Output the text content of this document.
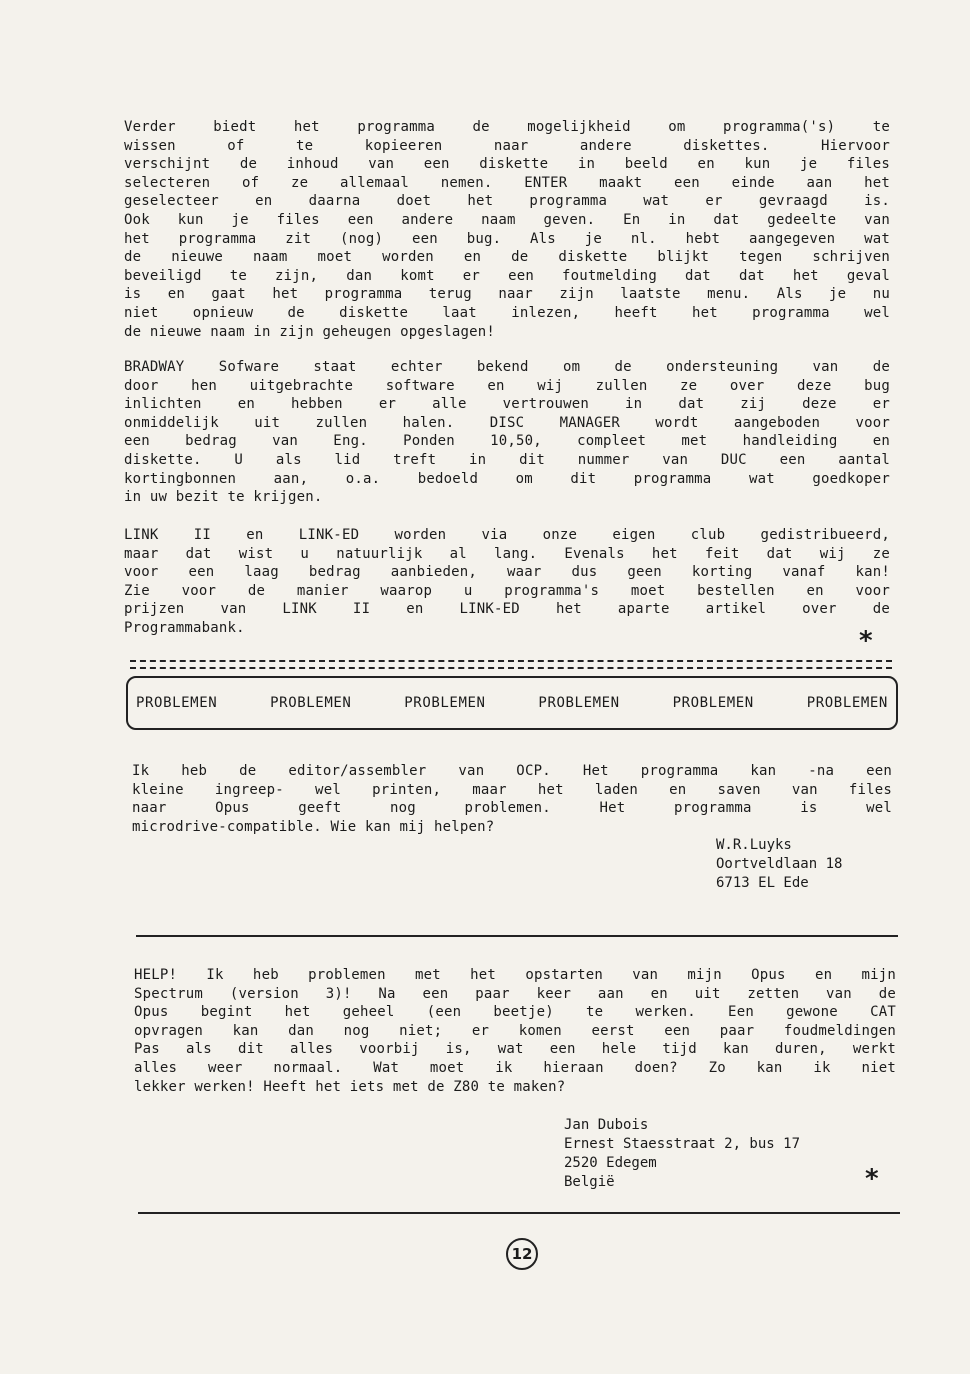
Verder biedt het programma de mogelijkheid om programma('s) te

wissen of te kopieeren naar andere diskettes. Hiervoor

verschijnt de inhoud van een diskette in beeld en kun je files

selecteren of ze allemaal nemen. ENTER maakt een einde aan het

geselecteer en daarna doet het programma wat er gevraagd is.

Ook kun je files een andere naam geven. En in dat gedeelte van

het programma zit (nog) een bug. Als je nl. hebt aangegeven wat

de nieuwe naam moet worden en de diskette blijkt tegen schrijven

beveiligd te zijn, dan komt er een foutmelding dat dat het geval

is en gaat het programma terug naar zijn laatste menu. Als je nu

niet opnieuw de diskette laat inlezen, heeft het programma wel

de nieuwe naam in zijn geheugen opgeslagen!

BRADWAY Sofware staat echter bekend om de ondersteuning van de

door hen uitgebrachte software en wij zullen ze over deze bug

inlichten en hebben er alle vertrouwen in dat zij deze er

onmiddelijk uit zullen halen. DISC MANAGER wordt aangeboden voor

een bedrag van Eng. Ponden 10,50, compleet met handleiding en

diskette. U als lid treft in dit nummer van DUC een aantal

kortingbonnen aan, o.a. bedoeld om dit programma wat goedkoper

in uw bezit te krijgen.

LINK II en LINK-ED worden via onze eigen club gedistribueerd,

maar dat wist u natuurlijk al lang. Evenals het feit dat wij ze

voor een laag bedrag aanbieden, waar dus geen korting vanaf kan!

Zie voor de manier waarop u programma's moet bestellen en voor

prijzen van LINK II en LINK-ED het aparte artikel over de

Programmabank.	*
PROBLEMEN	PROBLEMEN	PROBLEMEN	PROBLEMEN	PROBLEMEN	PROBLEMEN

Ik heb de editor/assembler van OCP. Het programma kan -na een

kleine ingreep- wel printen, maar het laden en saven van files

naar Opus geeft nog problemen. Het programma is wel

microdrive-compatible. Wie kan mij helpen?

W.R.Luyks
Oortveldlaan 18
6713 EL Ede

HELP! Ik heb problemen met het opstarten van mijn Opus en mijn

Spectrum (version 3)! Na een paar keer aan en uit zetten van de

Opus begint het geheel (een beetje) te werken. Een gewone CAT

opvragen kan dan nog niet; er komen eerst een paar foudmeldingen

Pas als dit alles voorbij is, wat een hele tijd kan duren, werkt

alles weer normaal. Wat moet ik hieraan doen? Zo kan ik niet

lekker werken! Heeft het iets met de Z80 te maken?

Jan Dubois
Ernest Staesstraat 2, bus 17
2520 Edegem
België	*
12
